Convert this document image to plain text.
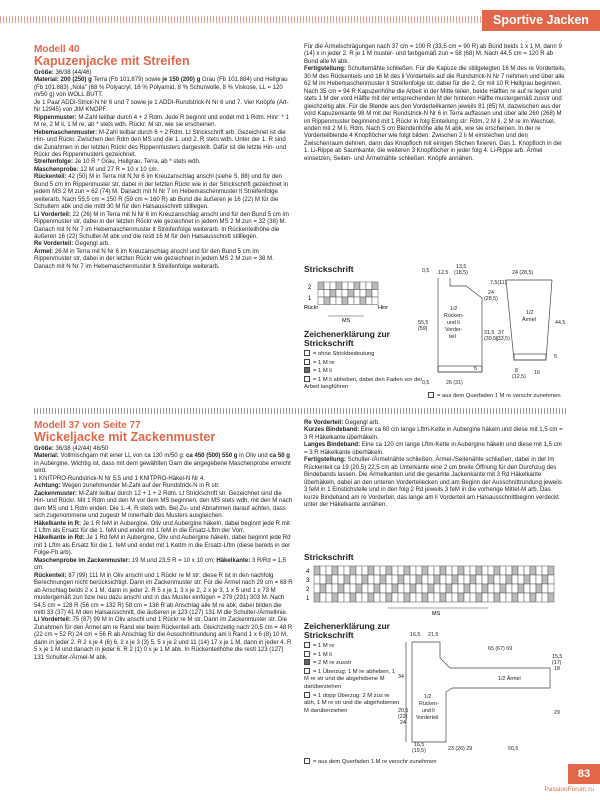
Sportive Jacken
Modell 40
Kapuzenjacke mit Streifen

Größe: 36/38 (44/46)

Material: 200 (250) g Terra (Fb 101.879) sowie je 150 (200) g Grau (Fb 101.884) und Hellgrau (Fb 101.883) „Nola" (68 % Polyacryl, 16 % Polyamid, 8 % Schurwolle, 8 % Viskose, LL = 120 m/50 g) von WOLL BUTT.

Je 1 Paar ADDI-Strick-N Nr 6 und 7 sowie je 1 ADDI-Rundstrick-N Nr 6 und 7. Vier Knöpfe (Art-Nr 12945) von JIM KNOPF.

Rippenmuster: M-Zahl teilbar durch 4 + 2 Rdm. Jede R beginnt und endet mit 1 Rdm. Hinr: * 1 M re, 2 M li, 1 M re, ab * stets wdh. Rückr: M str, wie sie erscheinen.

Hebemaschenmuster: M-Zahl teilbar durch 6 + 2 Rdm. Lt Strickschrift arb. Gezeichnet ist die Hin- und Rückr. Zwischen den Rdm den MS und die 1. und 2. R stets wdh. Unter der 1. R sind die Zunahmen in der letzten Rückr des Rippenmusters dargestellt. Dafür ist die letzte Hin- und Rückr des Rippenmusters gezeichnet.

Streifenfolge: Je 10 R * Grau, Hellgrau, Terra, ab * stets wdh.

Maschenprobe: 12 M und 27 R = 10 x 10 cm.

Rückenteil: 42 (50) M in Terra mit N Nr 6 im Kreuzanschlag anschl (siehe S. 88) und für den Bund 5 cm im Rippenmuster str, dabei in der letzten Rückr wie in der Strickschrift gezeichnet in jedem MS 2 M zun = 62 (74) M. Danach mit N Nr 7 im Hebemaschenmuster lt Streifenfolge weiterarb. Nach 55,5 cm = 150 R (59 cm = 160 R) ab Bund die äußeren je 16 (22) M für die Schultern abk und die mittl 30 M für den Halsausschnitt stilllegen.

Li Vorderteil: 22 (26) M in Terra mit N Nr 6 im Kreuzanschlag anschl und für den Bund 5 cm im Rippenmuster str, dabei in der letzten Rückr wie gezeichnet in jedem MS 2 M zun = 32 (38) M. Danach mit N Nr 7 im Hebemaschenmuster lt Streifenfolge weiterarb. In Rückenteilhöhe die äußeren 16 (22) Schulter-M abk und die restl 16 M für den Halsausschnitt stilllegen.

Re Vorderteil: Gegengl arb.

Ärmel: 26 M in Terra mit N Nr 6 im Kreuzanschlag anschl und für den Bund 5 cm im Rippenmuster str, dabei in der letzten Rückr wie gezeichnet in jedem MS 2 M zun = 38 M. Danach mit N Nr 7 im Hebemaschenmuster lt Streifenfolge weiterarb.

Für die Ärmelschrägungen nach 37 cm = 100 R (33,5 cm = 90 R) ab Bund beids 1 x 1 M, dann 9 (14) x in jeder 2. R je 1 M muster- und farbgemäß zun = 58 (68) M. Nach 44,5 cm = 120 R ab Bund alle M abk.

Fertigstellung: Schulternähte schließen. Für die Kapuze die stillgelegten 16 M des re Vorderteils, 30 M des Rückenteils und 16 M des li Vorderteils auf die Rundstrick-N Nr 7 nehmen und über alle 62 M im Hebemaschenmuster lt Streifenfolge str, dabei für die 2. Gr mit 10 R Hellgrau beginnen. Nach 35 cm = 94 R Kapuzenhöhe die Arbeit in der Mitte teilen, beide Hälften re auf re legen und stets 1 M der vord Hälfte mit der entsprechenden M der hinteren Hälfte mustergemäß zusstr und gleichzeitig abk. Für die Blende aus den Vorderteilkanten jeweils 81 (85) M, dazwischen aus der vord Kapuzenkante 98 M mit der Rundstrick-N Nr 6 in Terra auffassen und über alle 260 (268) M im Rippenmuster beginnend mit 1 Rückr in folg Einteilung str: Rdm, 2 M li, 2 M re im Wechsel, enden mit 2 M li, Rdm. Nach 5 cm Blendenhöhe alle M abk, wie sie erscheinen. In der re Vorderteilblende 4 Knopflöcher wie folgt bilden: Zwischen 2 li M einstechen und den Zwischenraum dehnen, dann das Knopfloch mit einigen Stichen fixieren. Das 1. Knopfloch in der 1. Li-Rippe ab Saumkante, die weiteren 3 Knopflöcher in jeder folg 4. Li-Rippe arb. Ärmel einsetzen, Seiten- und Ärmelnähte schließen. Knöpfe annähen.

Strickschrift
2
1
Rückr	Hinr
MS
Zeichenerklärung zur Strickschrift
= ohne Strickbedeutung
= 1 M re
= 1 M li
= 1 M li abheben, dabei den Faden vor der Arbeit langführen
= aus dem Querfaden 1 M re verschr zunehmen
0,5 12,5
13,5
(18,5)
55,5
(59)
1/2
Rücken-
und li
Vorder-
teil
24
(28,5)
31,5
(30,5)
0,5	26 (31)
5
24 (28,5)
7,5(11)
1/2
Ärmel	44,5
37
(33,5)
8
(12,5)
16
5
Modell 37 von Seite 77
Wickeljacke mit Zackenmuster

Größe: 36/38 (42/44) 48/50

Material: Vollmischgarn mit einer LL von ca 130 m/50 g: ca 450 (500) 550 g in Oliv und ca 50 g in Aubergine. Wichtig ist, dass mit dem gewählten Garn die angegebene Maschenprobe erreicht wird.

1 KNITPRO-Rundstrick-N Nr 5,5 und 1 KNITPRO-Häkel-N Nr 4.

Achtung: Wegen zunehmender M-Zahl auf der Rundstrick-N in R str.

Zackenmuster: M-Zahl teilbar durch 12 + 1 + 2 Rdm. Lt Strickschrift str. Gezeichnet sind die Hin- und Rückr. Mit 1 Rdm und den M vor dem MS beginnen, den MS stets wdh, mit den M nach dem MS und 1 Rdm enden. Die 1.-4. R stets wdh. Bei Zu- und Abnahmen darauf achten, dass sich zugenommene und zugestr M innerhalb des Musters ausgleichen.

Häkelkante in R: Je 1 R feM in Aubergine, Oliv und Aubergine häkeln, dabei beginnt jede R mit 1 Lftm als Ersatz für die 1. feM und endet mit 1 feM in die Ersatz-Lftm der Vorr.

Häkelkante in Rd: Je 1 Rd feM in Aubergine, Oliv und Aubergine häkeln, dabei beginnt jede Rd mit 1 Lftm als Ersatz für die 1. feM und endet mit 1 Kettm in die Ersatz-Lftm (diese bereits in der Folge-Fb arb).

Maschenprobe im Zackenmuster: 19 M und 23,5 R = 10 x 10 cm; Häkelkante: 3 R/Rd = 1,5 cm.

Rückenteil: 87 (99) 111 M in Oliv anschl und 1 Rückr re M str; diese R ist in den nachfolg Berechnungen nicht berücksichtigt. Dann im Zackenmuster str. Für die Ärmel nach 29 cm = 68 R ab Anschlag beids 2 x 1 M, dann in jeder 2. R 5 x je 1, 3 x je 2, 2 x je 3, 1 x 5 und 1 x 73 M mustergemäß zun bzw neu dazu anschl und in das Muster einfügen = 279 (291) 303 M. Nach 54,5 cm = 128 R (56 cm = 132 R) 58 cm = 136 R ab Anschlag alle M re abk, dabei bilden die mittl 33 (37) 41 M den Halsausschnitt, die äußeren je 123 (127) 131 M die Schulter-/Ärmellinie.

Li Vorderteil: 75 (87) 99 M in Oliv anschl und 1 Rückr re M str. Dann im Zackenmuster str. Die Zunahmen für den Ärmel am re Rand wie beim Rückenteil arb. Gleichzeitig nach 20,5 cm = 48 R (22 cm = 52 R) 24 cm = 56 R ab Anschlag für die Ausschnittrundung am li Rand 1 x 6 (8) 10 M, dann in jeder 2. R 2 x je 4 (6) 6, 2 x je 3 (3) 5, 5 x je 2 und 11 (14) 17 x je 1 M, dann in jeder 4. R 5 x je 1 M und danach in jeder 6. R 2 (1) 0 x je 1 M abk. In Rückenteilhöhe die restl 123 (127) 131 Schulter-/Ärmel-M abk.

Re Vorderteil: Gegengl arb.

Kurzes Bindeband: Eine ca 60 cm lange Lftm-Kette in Aubergine häkeln und diese mit 1,5 cm = 3 R Häkelkante überhäkeln.

Langes Bindeband: Eine ca 120 cm lange Lftm-Kette in Aubergine häkeln und diese mit 1,5 cm = 3 R Häkelkante überhäkeln.

Fertigstellung: Schulter-/Ärmelnähte schließen. Ärmel-/Seitenähte schließen, dabei in der im Rückenteil ca 19 (20,5) 22,5 cm ab Unterkante eine 2 cm breite Öffnung für den Durchzug des Bindebands lassen. Die Ärmelkanten und die gesamte Jackenkante mit 3 Rd Häkelkante überhäkeln, dabei an den unteren Vorderteilecken und am Beginn der Ausschnittrundung jeweils 3 feM in 1 Einstichstelle und in den folg 2 Rd jeweils 3 feM in die vorherige Mittel-M arb. Das kurze Bindeband am re Vorderteil, das lange am li Vorderteil am Halsausschnittbeginn verdeckt unter der Häkelkante annähen.

Strickschrift
4
3
2
1
MS
Zeichenerklärung zur Strickschrift
= 1 M re
= 1 M li
= 2 M re zusstr
= 1 Überzug: 1 M re abheben, 1 M re str und die abgehobene M darüberziehen
= 1 dopp Überzug: 2 M zus re abh, 1 M re str und die abgehobenen M darüberziehen
= aus dem Querfaden 1 M re verschr zunehmen
16,5 21,5
65 (67) 69
34	1/2 Ärmel
15,5
(17)
18
20,5
(22)
24
1/2
Rücken-
und li
Vorderteil
29
16,5
(19,5)	23 (26) 29	50,5
83
PassionForum.ru
